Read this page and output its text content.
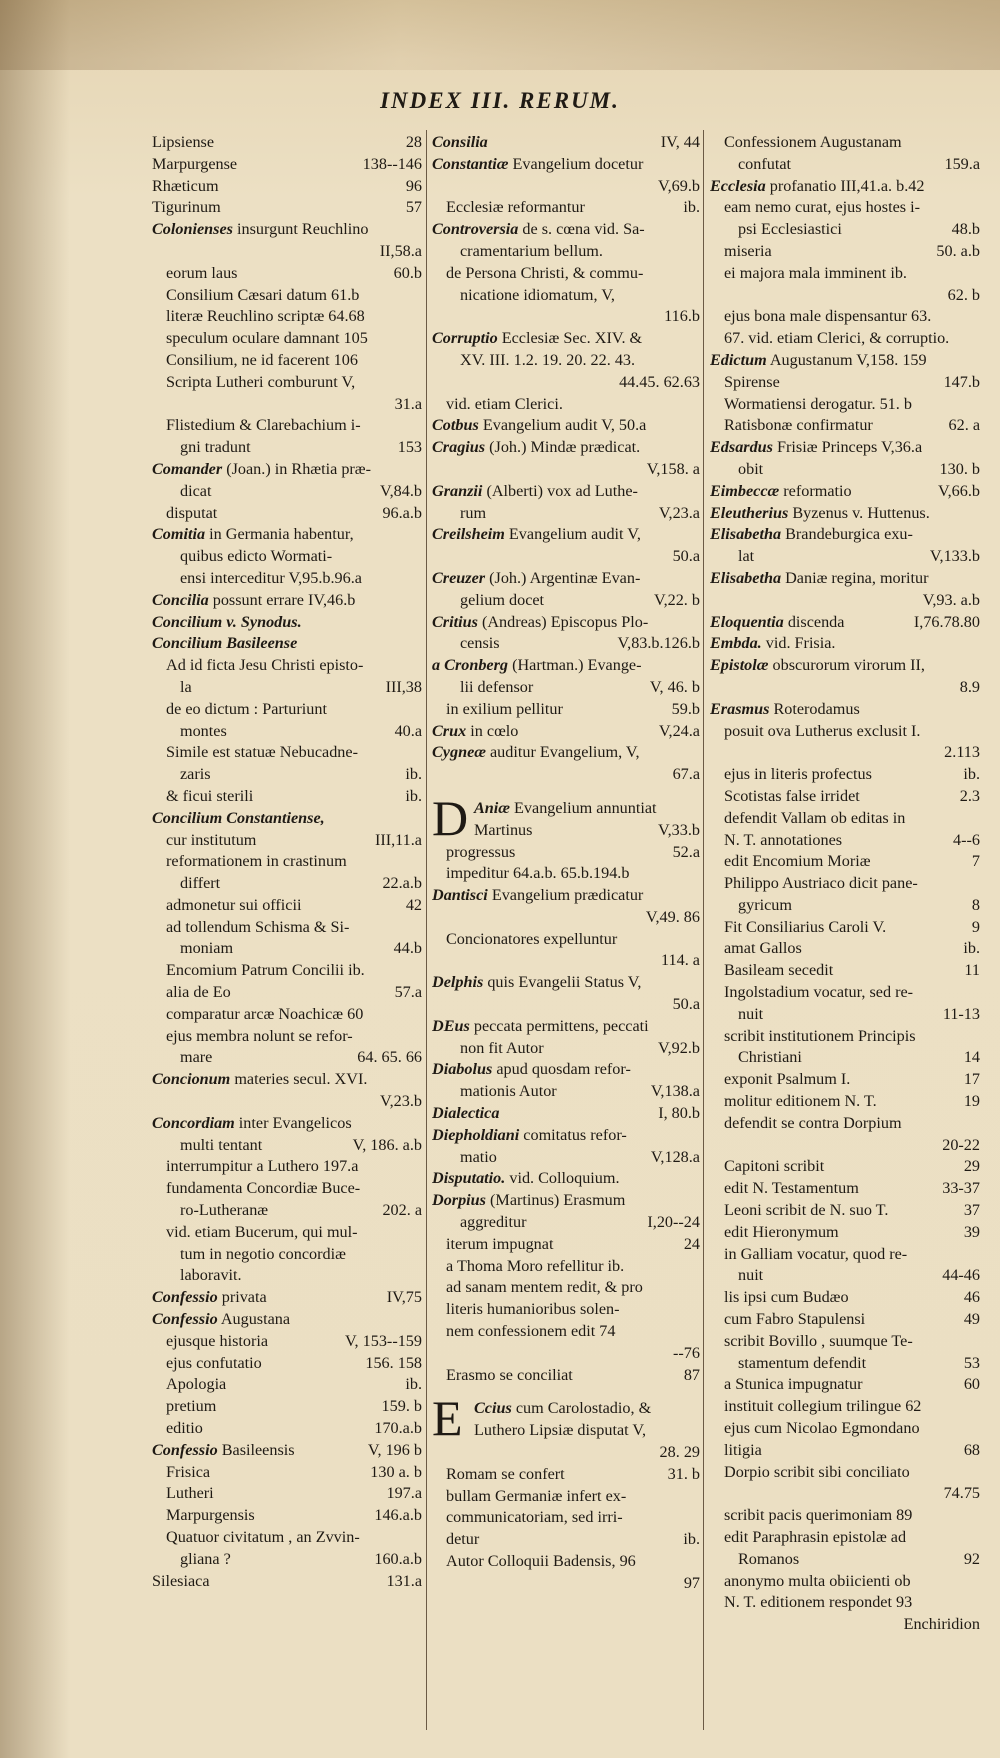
INDEX III. RERUM.
Lipsiense	28
Marpurgense	138--146
Rhæticum	96
Tigurinum	57
Colonienses insurgunt Reuchlino
II,58.a
eorum laus	60.b
Consilium Cæsari datum 61.b
literæ Reuchlino scriptæ 64.68
speculum oculare damnant 105
Consilium, ne id facerent 106
Scripta Lutheri comburunt V,
31.a
Flistedium & Clarebachium i-
gni tradunt	153
Comander (Joan.) in Rhætia præ-
dicat	V,84.b
disputat	96.a.b
Comitia in Germania habentur,
quibus edicto Wormati-
ensi interceditur V,95.b.96.a
Concilia possunt errare IV,46.b
Concilium v. Synodus.
Concilium Basileense
Ad id ficta Jesu Christi episto-
la	III,38
de eo dictum : Parturiunt
montes	40.a
Simile est statuæ Nebucadne-
zaris	ib.
& ficui sterili	ib.
Concilium Constantiense,
cur institutum	III,11.a
reformationem in crastinum
differt	22.a.b
admonetur sui officii	42
ad tollendum Schisma & Si-
moniam	44.b
Encomium Patrum Concilii ib.
alia de Eo	57.a
comparatur arcæ Noachicæ 60
ejus membra nolunt se refor-
mare	64. 65. 66
Concionum materies secul. XVI.
V,23.b
Concordiam inter Evangelicos
multi tentant	V, 186. a.b
interrumpitur a Luthero 197.a
fundamenta Concordiæ Buce-
ro-Lutheranæ	202. a
vid. etiam Bucerum, qui mul-
tum in negotio concordiæ
laboravit.
Confessio privata	IV,75
Confessio Augustana
ejusque historia	V, 153--159
ejus confutatio	156. 158
Apologia	ib.
pretium	159. b
editio	170.a.b
Confessio Basileensis	V, 196 b
Frisica	130 a. b
Lutheri	197.a
Marpurgensis	146.a.b
Quatuor civitatum , an Zvvin-
gliana ?	160.a.b
Silesiaca	131.a
Consilia	IV, 44
Constantiæ Evangelium docetur
V,69.b
Ecclesiæ reformantur	ib.
Controversia de s. cœna vid. Sa-
cramentarium bellum.
de Persona Christi, & commu-
nicatione idiomatum, V,
116.b
Corruptio Ecclesiæ Sec. XIV. &
XV. III. 1.2. 19. 20. 22. 43.
44.45. 62.63
vid. etiam Clerici.
Cotbus Evangelium audit V, 50.a
Cragius (Joh.) Mindæ prædicat.
V,158. a
Granzii (Alberti) vox ad Luthe-
rum	V,23.a
Creilsheim Evangelium audit V,
50.a
Creuzer (Joh.) Argentinæ Evan-
gelium docet	V,22. b
Critius (Andreas) Episcopus Plo-
censis	V,83.b.126.b
a Cronberg (Hartman.) Evange-
lii defensor	V, 46. b
in exilium pellitur	59.b
Crux in cœlo	V,24.a
Cygneæ auditur Evangelium, V,
67.a
D Aniæ Evangelium annuntiat
Martinus	V,33.b
progressus	52.a
impeditur 64.a.b. 65.b.194.b
Dantisci Evangelium prædicatur
V,49. 86
Concionatores expelluntur
114. a
Delphis quis Evangelii Status V,
50.a
DEus peccata permittens, peccati
non fit Autor	V,92.b
Diabolus apud quosdam refor-
mationis Autor	V,138.a
Dialectica	I, 80.b
Diepholdiani comitatus refor-
matio	V,128.a
Disputatio. vid. Colloquium.
Dorpius (Martinus) Erasmum
aggreditur	I,20--24
iterum impugnat	24
a Thoma Moro refellitur ib.
ad sanam mentem redit, & pro
literis humanioribus solen-
nem confessionem edit 74
--76
Erasmo se conciliat	87
E Ccius cum Carolostadio, &
Luthero Lipsiæ disputat V,
28. 29
Romam se confert	31. b
bullam Germaniæ infert ex-
communicatoriam, sed irri-
detur	ib.
Autor Colloquii Badensis, 96
97
Confessionem Augustanam
confutat	159.a
Ecclesia profanatio III,41.a. b.42
eam nemo curat, ejus hostes i-
psi Ecclesiastici	48.b
miseria	50. a.b
ei majora mala imminent ib.
62. b
ejus bona male dispensantur 63.
67. vid. etiam Clerici, & corruptio.
Edictum Augustanum V,158. 159
Spirense	147.b
Wormatiensi derogatur. 51. b
Ratisbonæ confirmatur	62. a
Edsardus Frisiæ Princeps V,36.a
obit	130. b
Eimbeccæ reformatio	V,66.b
Eleutherius Byzenus v. Huttenus.
Elisabetha Brandeburgica exu-
lat	V,133.b
Elisabetha Daniæ regina, moritur
V,93. a.b
Eloquentia discenda	I,76.78.80
Embda. vid. Frisia.
Epistolæ obscurorum virorum II,
8.9
Erasmus Roterodamus
posuit ova Lutherus exclusit I.
2.113
ejus in literis profectus	ib.
Scotistas false irridet	2.3
defendit Vallam ob editas in
N. T. annotationes	4--6
edit Encomium Moriæ	7
Philippo Austriaco dicit pane-
gyricum	8
Fit Consiliarius Caroli V.	9
amat Gallos	ib.
Basileam secedit	11
Ingolstadium vocatur, sed re-
nuit	11-13
scribit institutionem Principis
Christiani	14
exponit Psalmum I.	17
molitur editionem N. T.	19
defendit se contra Dorpium
20-22
Capitoni scribit	29
edit N. Testamentum	33-37
Leoni scribit de N. suo T.	37
edit Hieronymum	39
in Galliam vocatur, quod re-
nuit	44-46
lis ipsi cum Budæo	46
cum Fabro Stapulensi	49
scribit Bovillo , suumque Te-
stamentum defendit	53
a Stunica impugnatur	60
instituit collegium trilingue 62
ejus cum Nicolao Egmondano
litigia	68
Dorpio scribit sibi conciliato
74.75
scribit pacis querimoniam 89
edit Paraphrasin epistolæ ad
Romanos	92
anonymo multa obiicienti ob
N. T. editionem respondet 93
Enchiridion
